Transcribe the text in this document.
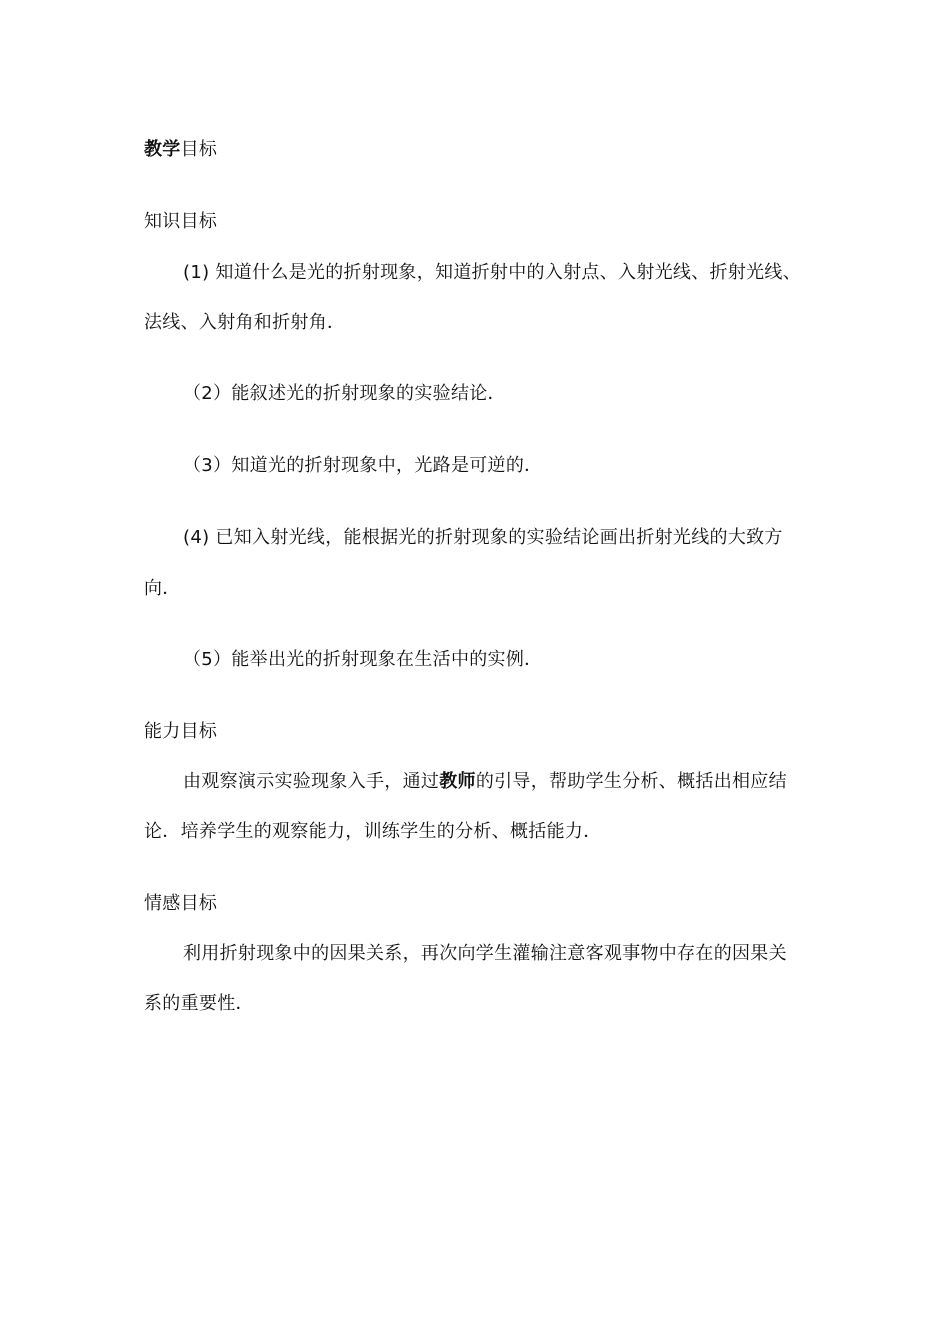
教学目标
知识目标
(1) 知道什么是光的折射现象，知道折射中的入射点、入射光线、折射光线、
法线、入射角和折射角．
（2）能叙述光的折射现象的实验结论．
（3）知道光的折射现象中，光路是可逆的．
(4) 已知入射光线，能根据光的折射现象的实验结论画出折射光线的大致方
向．
（5）能举出光的折射现象在生活中的实例．
能力目标
由观察演示实验现象入手，通过教师的引导，帮助学生分析、概括出相应结
论．培养学生的观察能力，训练学生的分析、概括能力．
情感目标
利用折射现象中的因果关系，再次向学生灌输注意客观事物中存在的因果关
系的重要性．
